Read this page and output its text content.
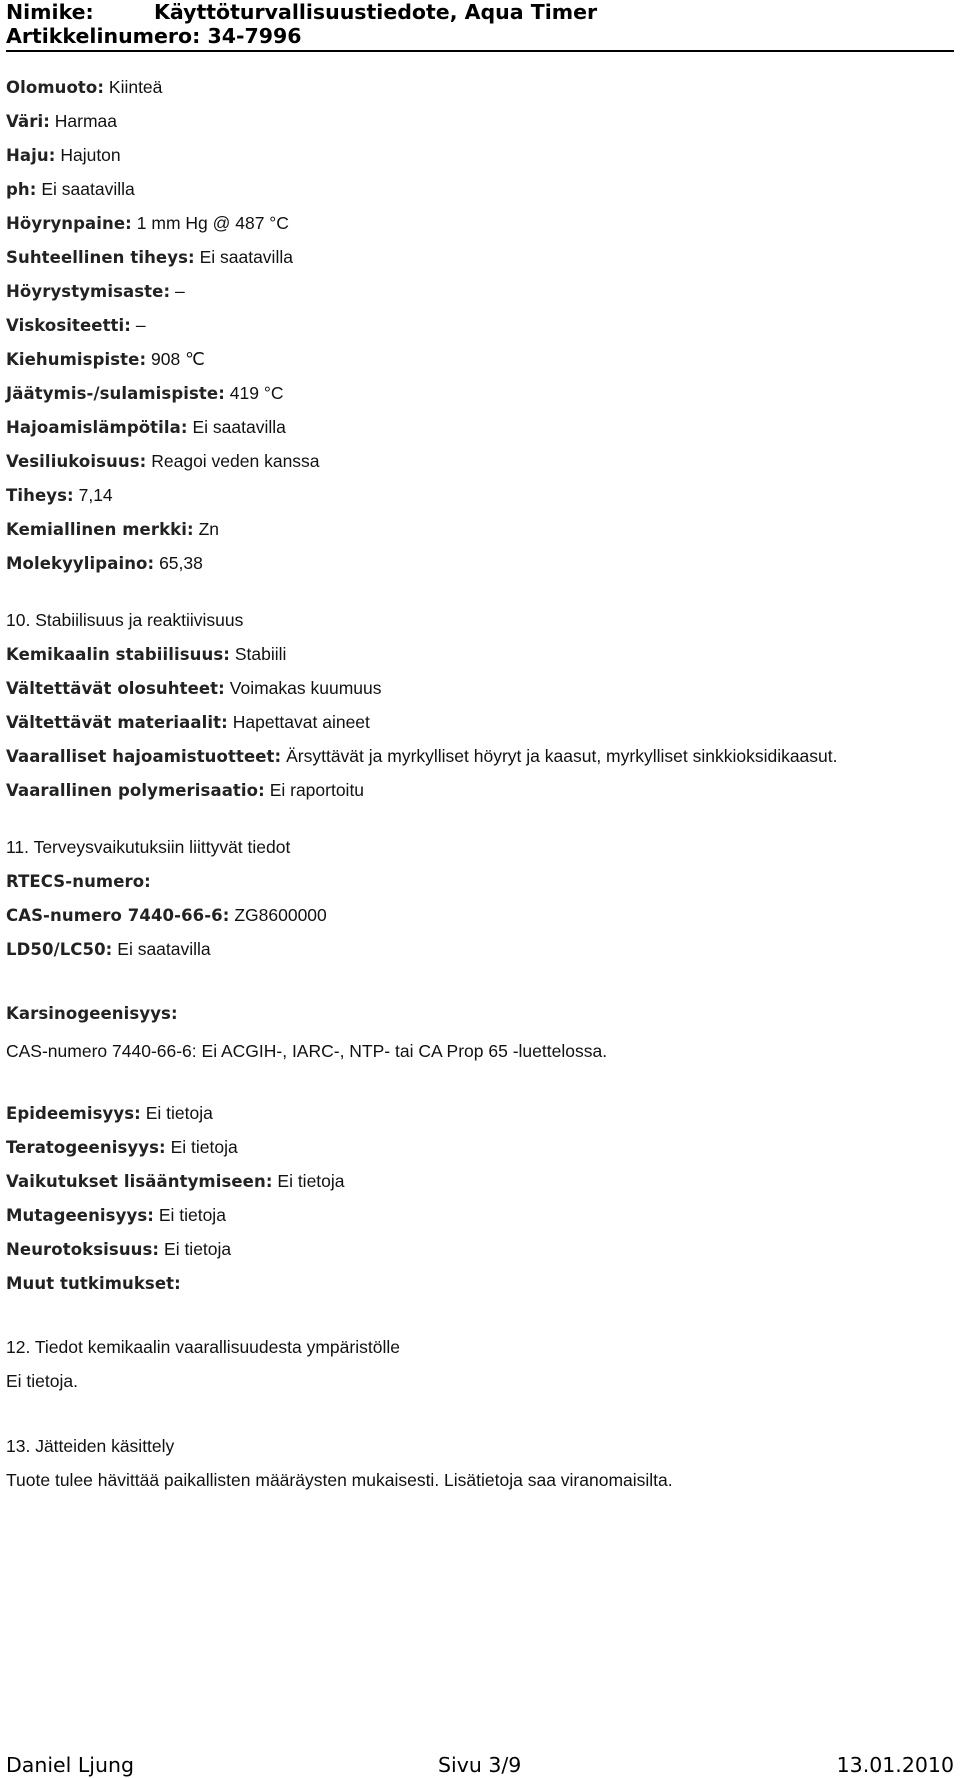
Nimike:	Käyttöturvallisuustiedote, Aqua Timer
Artikkelinumero: 34-7996
Olomuoto: Kiinteä
Väri: Harmaa
Haju: Hajuton
ph: Ei saatavilla
Höyrynpaine: 1 mm Hg @ 487 °C
Suhteellinen tiheys: Ei saatavilla
Höyrystymisaste: –
Viskositeetti: –
Kiehumispiste: 908 ℃
Jäätymis-/sulamispiste: 419 °C
Hajoamislämpötila: Ei saatavilla
Vesiliukoisuus: Reagoi veden kanssa
Tiheys: 7,14
Kemiallinen merkki: Zn
Molekyylipaino: 65,38
10. Stabiilisuus ja reaktiivisuus
Kemikaalin stabiilisuus: Stabiili
Vältettävät olosuhteet: Voimakas kuumuus
Vältettävät materiaalit: Hapettavat aineet
Vaaralliset hajoamistuotteet: Ärsyttävät ja myrkylliset höyryt ja kaasut, myrkylliset sinkkioksidikaasut.
Vaarallinen polymerisaatio: Ei raportoitu
11. Terveysvaikutuksiin liittyvät tiedot
RTECS-numero:
CAS-numero 7440-66-6: ZG8600000
LD50/LC50: Ei saatavilla
Karsinogeenisyys:
CAS-numero 7440-66-6: Ei ACGIH-, IARC-, NTP- tai CA Prop 65 -luettelossa.
Epideemisyys: Ei tietoja
Teratogeenisyys: Ei tietoja
Vaikutukset lisääntymiseen: Ei tietoja
Mutageenisyys: Ei tietoja
Neurotoksisuus: Ei tietoja
Muut tutkimukset:
12. Tiedot kemikaalin vaarallisuudesta ympäristölle
Ei tietoja.
13. Jätteiden käsittely
Tuote tulee hävittää paikallisten määräysten mukaisesti. Lisätietoja saa viranomaisilta.
Daniel Ljung	Sivu 3/9	13.01.2010
